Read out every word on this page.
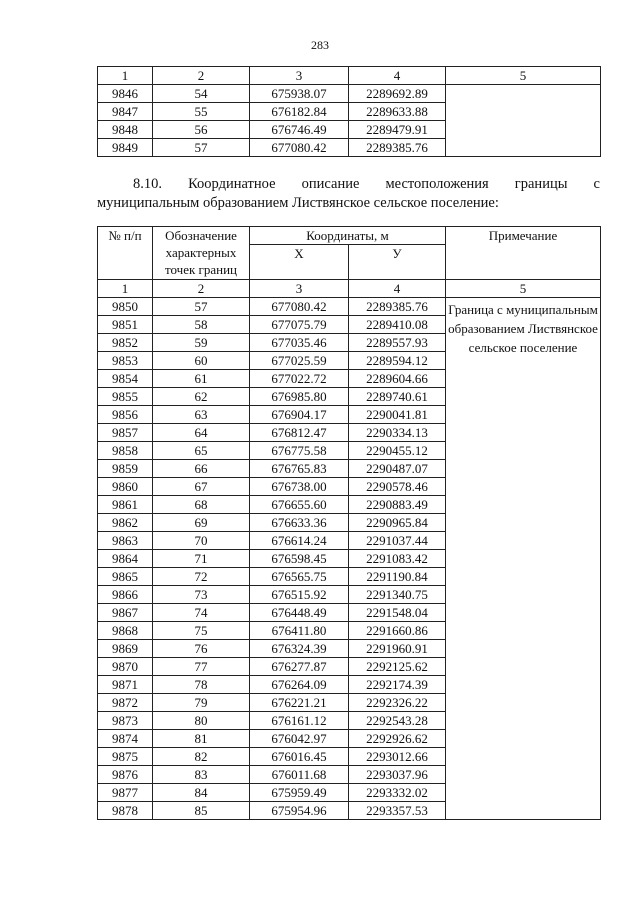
283
1	2	3	4	5
9846	54	675938.07	2289692.89	
9847	55	676182.84	2289633.88	
9848	56	676746.49	2289479.91	
9849	57	677080.42	2289385.76	
8.10. Координатное описание местоположения границы с
муниципальным образованием Листвянское сельское поселение:
№ п/п	Обозначение характерных точек границ	Координаты, м		Примечание
		X	У	
1	2	3	4	5
9850	57	677080.42	2289385.76	Граница с муниципальным образованием Листвянское сельское поселение
9851	58	677075.79	2289410.08	
9852	59	677035.46	2289557.93	
9853	60	677025.59	2289594.12	
9854	61	677022.72	2289604.66	
9855	62	676985.80	2289740.61	
9856	63	676904.17	2290041.81	
9857	64	676812.47	2290334.13	
9858	65	676775.58	2290455.12	
9859	66	676765.83	2290487.07	
9860	67	676738.00	2290578.46	
9861	68	676655.60	2290883.49	
9862	69	676633.36	2290965.84	
9863	70	676614.24	2291037.44	
9864	71	676598.45	2291083.42	
9865	72	676565.75	2291190.84	
9866	73	676515.92	2291340.75	
9867	74	676448.49	2291548.04	
9868	75	676411.80	2291660.86	
9869	76	676324.39	2291960.91	
9870	77	676277.87	2292125.62	
9871	78	676264.09	2292174.39	
9872	79	676221.21	2292326.22	
9873	80	676161.12	2292543.28	
9874	81	676042.97	2292926.62	
9875	82	676016.45	2293012.66	
9876	83	676011.68	2293037.96	
9877	84	675959.49	2293332.02	
9878	85	675954.96	2293357.53	
